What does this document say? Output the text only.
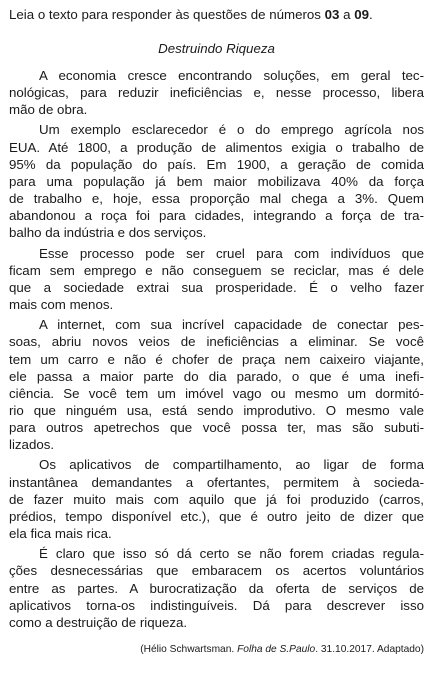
Leia o texto para responder às questões de números 03 a 09.

Destruindo Riqueza
A economia cresce encontrando soluções, em geral tec-
nológicas, para reduzir ineficiências e, nesse processo, libera
mão de obra.
Um exemplo esclarecedor é o do emprego agrícola nos
EUA. Até 1800, a produção de alimentos exigia o trabalho de
95% da população do país. Em 1900, a geração de comida
para uma população já bem maior mobilizava 40% da força
de trabalho e, hoje, essa proporção mal chega a 3%. Quem
abandonou a roça foi para cidades, integrando a força de tra-
balho da indústria e dos serviços.
Esse processo pode ser cruel para com indivíduos que
ficam sem emprego e não conseguem se reciclar, mas é dele
que a sociedade extrai sua prosperidade. É o velho fazer
mais com menos.
A internet, com sua incrível capacidade de conectar pes-
soas, abriu novos veios de ineficiências a eliminar. Se você
tem um carro e não é chofer de praça nem caixeiro viajante,
ele passa a maior parte do dia parado, o que é uma inefi-
ciência. Se você tem um imóvel vago ou mesmo um dormitó-
rio que ninguém usa, está sendo improdutivo. O mesmo vale
para outros apetrechos que você possa ter, mas são subuti-
lizados.
Os aplicativos de compartilhamento, ao ligar de forma
instantânea demandantes a ofertantes, permitem à socieda-
de fazer muito mais com aquilo que já foi produzido (carros,
prédios, tempo disponível etc.), que é outro jeito de dizer que
ela fica mais rica.
É claro que isso só dá certo se não forem criadas regula-
ções desnecessárias que embaracem os acertos voluntários
entre as partes. A burocratização da oferta de serviços de
aplicativos torna-os indistinguíveis. Dá para descrever isso
como a destruição de riqueza.
(Hélio Schwartsman. Folha de S.Paulo. 31.10.2017. Adaptado)
